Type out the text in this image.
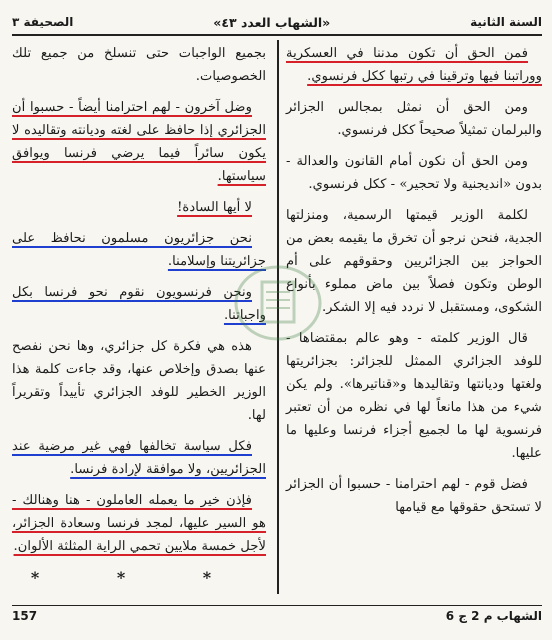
السنة الثانية
«الشهاب العدد ٤٣»
الصحيفة ٣

فمن الحق أن تكون مدننا في العسكرية ووراتبنا فيها وترقينا في رتبها ككل فرنسوي.

ومن الحق أن نمثل بمجالس الجزائر والبرلمان تمثيلاً صحيحاً ككل فرنسوي.

ومن الحق أن نكون أمام القانون والعدالة - بدون «انديجنية ولا تحجير» - ككل فرنسوي.

لكلمة الوزير قيمتها الرسمية، ومنزلتها الجدية، فنحن نرجو أن تخرق ما يقيمه بعض من الحواجز بين الجزائريين وحقوقهم على أم الوطن وتكون فصلاً بين ماض مملوء بأنواع الشكوى، ومستقبل لا نردد فيه إلا الشكر.

قال الوزير كلمته - وهو عالم بمقتضاها - للوفد الجزائري الممثل للجزائر: بجزائريتها ولغتها وديانتها وتقاليدها و«قناتيرها». ولم يكن شيء من هذا مانعاً لها في نظره من أن تعتبر فرنسوية لها ما لجميع أجزاء فرنسا وعليها ما عليها.

فضل قوم - لهم احترامنا - حسبوا أن الجزائر لا تستحق حقوقها مع قيامها

بجميع الواجبات حتى تنسلخ من جميع تلك الخصوصيات.

وضل آخرون - لهم احترامنا أيضاً - حسبوا أن الجزائري إذا حافظ على لغته وديانته وتقاليده لا يكون سائراً فيما يرضي فرنسا ويوافق سياستها.

لا أيها السادة!

نحن جزائريون مسلمون نحافظ على جزائريتنا وإسلامنا.

ونحن فرنسويون نقوم نحو فرنسا بكل واجباتنا.

هذه هي فكرة كل جزائري، وها نحن نفصح عنها بصدق وإخلاص عنها، وقد جاءت كلمة هذا الوزير الخطير للوفد الجزائري تأييداً وتقريراً لها.

فكل سياسة تخالفها فهي غير مرضية عند الجزائريين، ولا موافقة لإرادة فرنسا.

فإذن خير ما يعمله العاملون - هنا وهنالك - هو السير عليها، لمجد فرنسا وسعادة الجزائر، لأجل خمسة ملايين تحمي الراية المثلثة الألوان.

* * *
157	الشهاب م 2 ج 6
